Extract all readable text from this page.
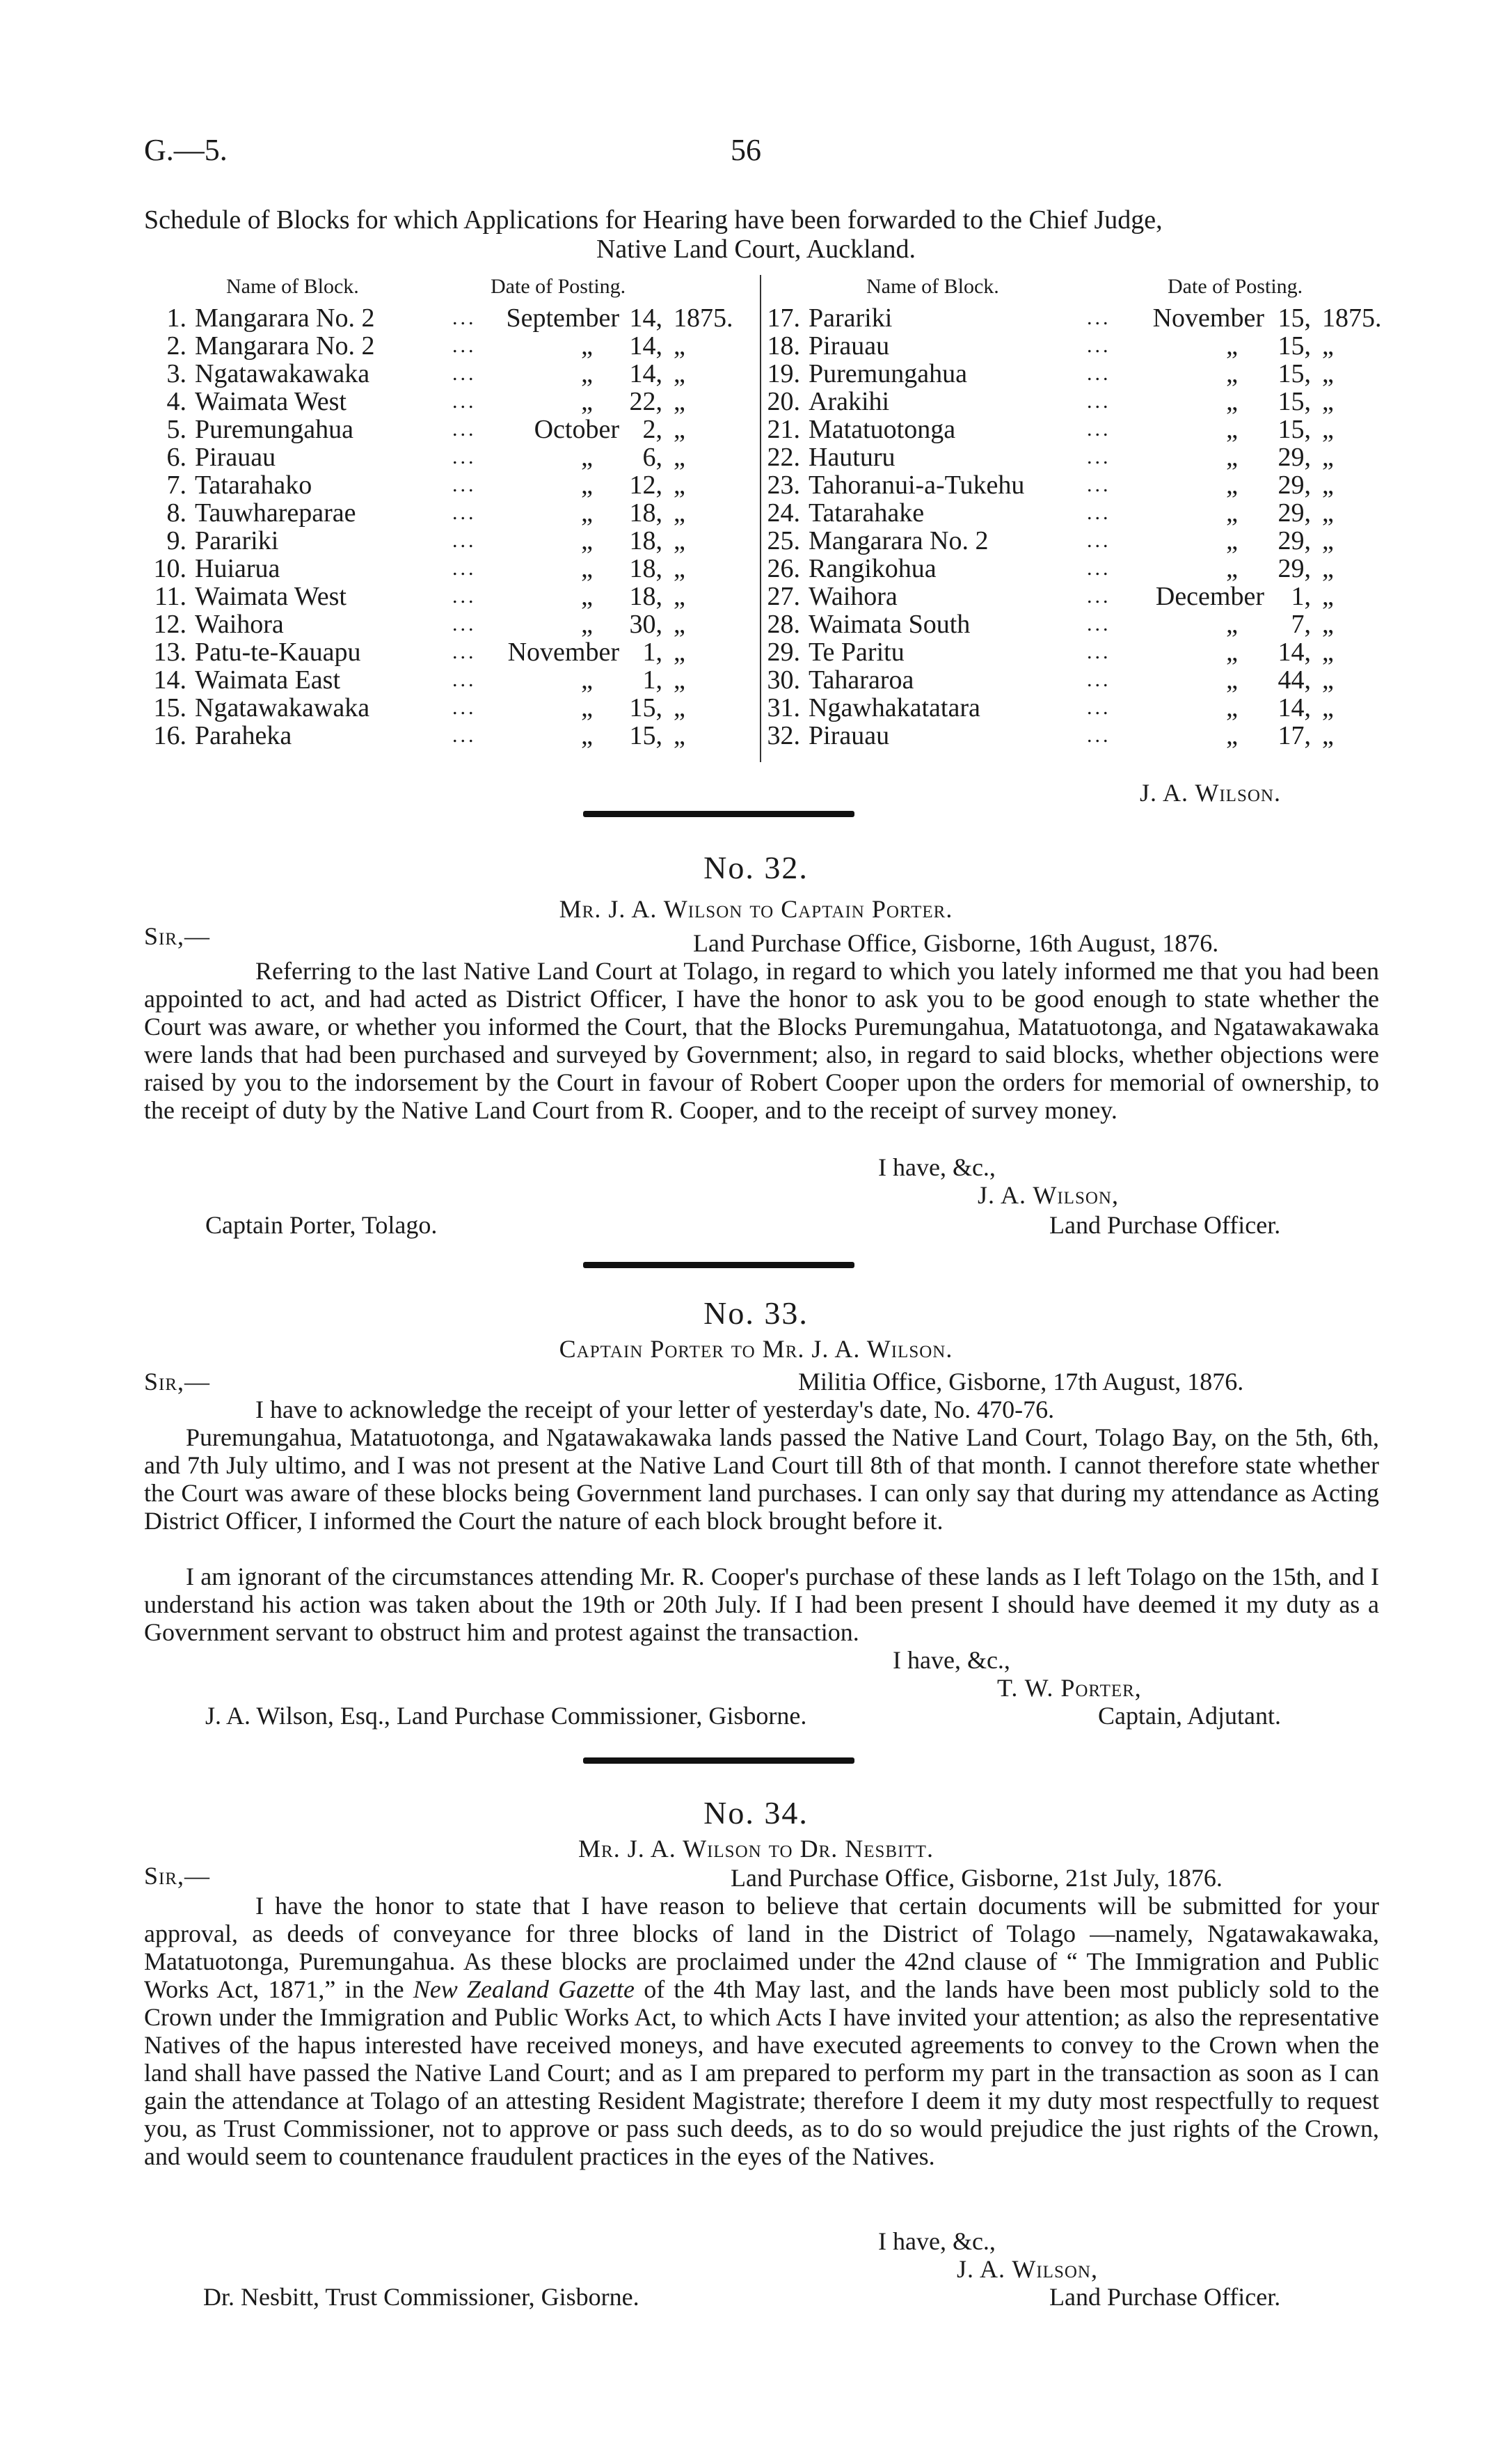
G.—5.	56
Schedule of Blocks for which Applications for Hearing have been forwarded to the Chief Judge,
Native Land Court, Auckland.
Name of Block.	Date of Posting.	Name of Block.	Date of Posting.
1. Mangarara No. 2	...	September 14, 1875.
2. Mangarara No. 2	...	„	14, „
3. Ngatawakawaka	...	„	14, „
4. Waimata West	...	„	22, „
5. Puremungahua	...	October 2, „
6. Pirauau	...	„	6, „
7. Tatarahako	...	„	12, „
8. Tauwhareparae	...	„	18, „
9. Parariki	...	„	18, „
10. Huiarua	...	„	18, „
11. Waimata West	...	„	18, „
12. Waihora	...	„	30, „
13. Patu-te-Kauapu	...	November 1, „
14. Waimata East	...	„	1, „
15. Ngatawakawaka	...	„	15, „
16. Paraheka	...	„	15, „
17. Parariki	...	November 15, 1875.
18. Pirauau	...	„	15, „
19. Puremungahua	...	„	15, „
20. Arakihi	...	„	15, „
21. Matatuotonga	...	„	15, „
22. Hauturu	...	„	29, „
23. Tahoranui-a-Tukehu	...	„	29, „
24. Tatarahake	...	„	29, „
25. Mangarara No. 2	...	„	29, „
26. Rangikohua	...	„	29, „
27. Waihora	...	December	1, „
28. Waimata South	...	„	7, „
29. Te Paritu	...	„	14, „
30. Tahararoa	...	„	44, „
31. Ngawhakatatara	...	„	14, „
32. Pirauau	...	„	17, „
J. A. Wilson.
No. 32.
Mr. J. A. Wilson to Captain Porter.
Sir,—	Land Purchase Office, Gisborne, 16th August, 1876.
Referring to the last Native Land Court at Tolago, in regard to which you lately informed me that you had been appointed to act, and had acted as District Officer, I have the honor to ask you to be good enough to state whether the Court was aware, or whether you informed the Court, that the Blocks Puremungahua, Matatuotonga, and Ngatawakawaka were lands that had been purchased and surveyed by Government; also, in regard to said blocks, whether objections were raised by you to the indorsement by the Court in favour of Robert Cooper upon the orders for memorial of ownership, to the receipt of duty by the Native Land Court from R. Cooper, and to the receipt of survey money.
I have, &c.,
J. A. Wilson,
Land Purchase Officer.
Captain Porter, Tolago.
No. 33.
Captain Porter to Mr. J. A. Wilson.
Sir,—	Militia Office, Gisborne, 17th August, 1876.
I have to acknowledge the receipt of your letter of yesterday's date, No. 470-76.
Puremungahua, Matatuotonga, and Ngatawakawaka lands passed the Native Land Court, Tolago Bay, on the 5th, 6th, and 7th July ultimo, and I was not present at the Native Land Court till 8th of that month. I cannot therefore state whether the Court was aware of these blocks being Government land purchases. I can only say that during my attendance as Acting District Officer, I informed the Court the nature of each block brought before it.
I am ignorant of the circumstances attending Mr. R. Cooper's purchase of these lands as I left Tolago on the 15th, and I understand his action was taken about the 19th or 20th July. If I had been present I should have deemed it my duty as a Government servant to obstruct him and protest against the transaction.
I have, &c.,
T. W. Porter,
Captain, Adjutant.
J. A. Wilson, Esq., Land Purchase Commissioner, Gisborne.
No. 34.
Mr. J. A. Wilson to Dr. Nesbitt.
Sir,—	Land Purchase Office, Gisborne, 21st July, 1876.
I have the honor to state that I have reason to believe that certain documents will be submitted for your approval, as deeds of conveyance for three blocks of land in the District of Tolago —namely, Ngatawakawaka, Matatuotonga, Puremungahua. As these blocks are proclaimed under the 42nd clause of “ The Immigration and Public Works Act, 1871,” in the New Zealand Gazette of the 4th May last, and the lands have been most publicly sold to the Crown under the Immigration and Public Works Act, to which Acts I have invited your attention; as also the representative Natives of the hapus interested have received moneys, and have executed agreements to convey to the Crown when the land shall have passed the Native Land Court; and as I am prepared to perform my part in the transaction as soon as I can gain the attendance at Tolago of an attesting Resident Magistrate; therefore I deem it my duty most respectfully to request you, as Trust Commissioner, not to approve or pass such deeds, as to do so would prejudice the just rights of the Crown, and would seem to countenance fraudulent practices in the eyes of the Natives.
I have, &c.,
J. A. Wilson,
Land Purchase Officer.
Dr. Nesbitt, Trust Commissioner, Gisborne.
